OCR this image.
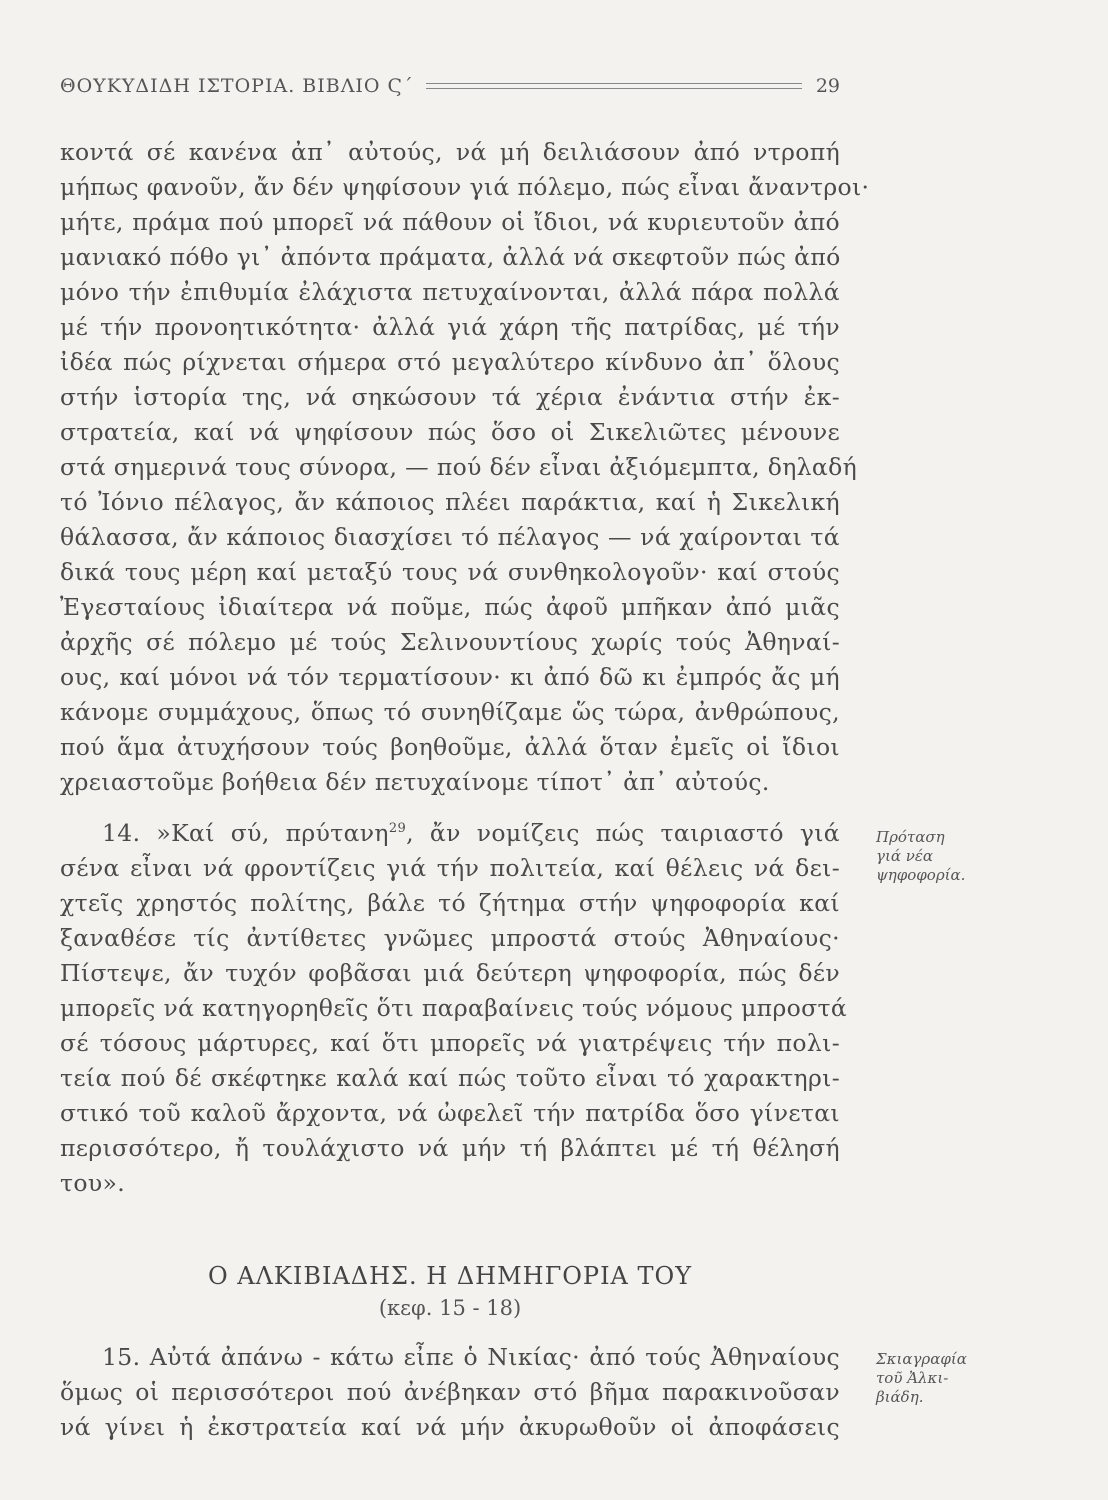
ΘΟΥΚΥΔΙΔΗ ΙΣΤΟΡΙΑ. ΒΙΒΛΙΟ Ϛ΄	29
κοντά σέ κανένα ἀπ᾽ αὐτούς, νά μή δειλιάσουν ἀπό ντροπή
μήπως φανοῦν, ἄν δέν ψηφίσουν γιά πόλεμο, πώς εἶναι ἄναντροι·
μήτε, πράμα πού μπορεῖ νά πάθουν οἱ ἴδιοι, νά κυριευτοῦν ἀπό
μανιακό πόθο γι᾽ ἀπόντα πράματα, ἀλλά νά σκεφτοῦν πώς ἀπό
μόνο τήν ἐπιθυμία ἐλάχιστα πετυχαίνονται, ἀλλά πάρα πολλά
μέ τήν προνοητικότητα· ἀλλά γιά χάρη τῆς πατρίδας, μέ τήν
ἰδέα πώς ρίχνεται σήμερα στό μεγαλύτερο κίνδυνο ἀπ᾽ ὅλους
στήν ἱστορία της, νά σηκώσουν τά χέρια ἐνάντια στήν ἐκ-
στρατεία, καί νά ψηφίσουν πώς ὅσο οἱ Σικελιῶτες μένουνε
στά σημερινά τους σύνορα, — πού δέν εἶναι ἀξιόμεμπτα, δηλαδή
τό Ἰόνιο πέλαγος, ἄν κάποιος πλέει παράκτια, καί ἡ Σικελική
θάλασσα, ἄν κάποιος διασχίσει τό πέλαγος — νά χαίρονται τά
δικά τους μέρη καί μεταξύ τους νά συνθηκολογοῦν· καί στούς
Ἐγεσταίους ἰδιαίτερα νά ποῦμε, πώς ἀφοῦ μπῆκαν ἀπό μιᾶς
ἀρχῆς σέ πόλεμο μέ τούς Σελινουντίους χωρίς τούς Ἀθηναί-
ους, καί μόνοι νά τόν τερματίσουν· κι ἀπό δῶ κι ἐμπρός ἄς μή
κάνομε συμμάχους, ὅπως τό συνηθίζαμε ὥς τώρα, ἀνθρώπους,
πού ἅμα ἀτυχήσουν τούς βοηθοῦμε, ἀλλά ὅταν ἐμεῖς οἱ ἴδιοι
χρειαστοῦμε βοήθεια δέν πετυχαίνομε τίποτ᾽ ἀπ᾽ αὐτούς.
14. »Καί σύ, πρύτανη$^{29}$, ἄν νομίζεις πώς ταιριαστό γιά
σένα εἶναι νά φροντίζεις γιά τήν πολιτεία, καί θέλεις νά δει-
χτεῖς χρηστός πολίτης, βάλε τό ζήτημα στήν ψηφοφορία καί
ξαναθέσε τίς ἀντίθετες γνῶμες μπροστά στούς Ἀθηναίους·
Πίστεψε, ἄν τυχόν φοβᾶσαι μιά δεύτερη ψηφοφορία, πώς δέν
μπορεῖς νά κατηγορηθεῖς ὅτι παραβαίνεις τούς νόμους μπροστά
σέ τόσους μάρτυρες, καί ὅτι μπορεῖς νά γιατρέψεις τήν πολι-
τεία πού δέ σκέφτηκε καλά καί πώς τοῦτο εἶναι τό χαρακτηρι-
στικό τοῦ καλοῦ ἄρχοντα, νά ὠφελεῖ τήν πατρίδα ὅσο γίνεται
περισσότερο, ἤ τουλάχιστο νά μήν τή βλάπτει μέ τή θέλησή
του».
Πρόταση
γιά νέα
ψηφοφορία.
Ο ΑΛΚΙΒΙΑΔΗΣ. Η ΔΗΜΗΓΟΡΙΑ ΤΟΥ
(κεφ. 15 - 18)
15. Αὐτά ἀπάνω - κάτω εἶπε ὁ Νικίας· ἀπό τούς Ἀθηναίους
ὅμως οἱ περισσότεροι πού ἀνέβηκαν στό βῆμα παρακινοῦσαν
νά γίνει ἡ ἐκστρατεία καί νά μήν ἀκυρωθοῦν οἱ ἀποφάσεις
Σκιαγραφία
τοῦ Ἀλκι-
βιάδη.
